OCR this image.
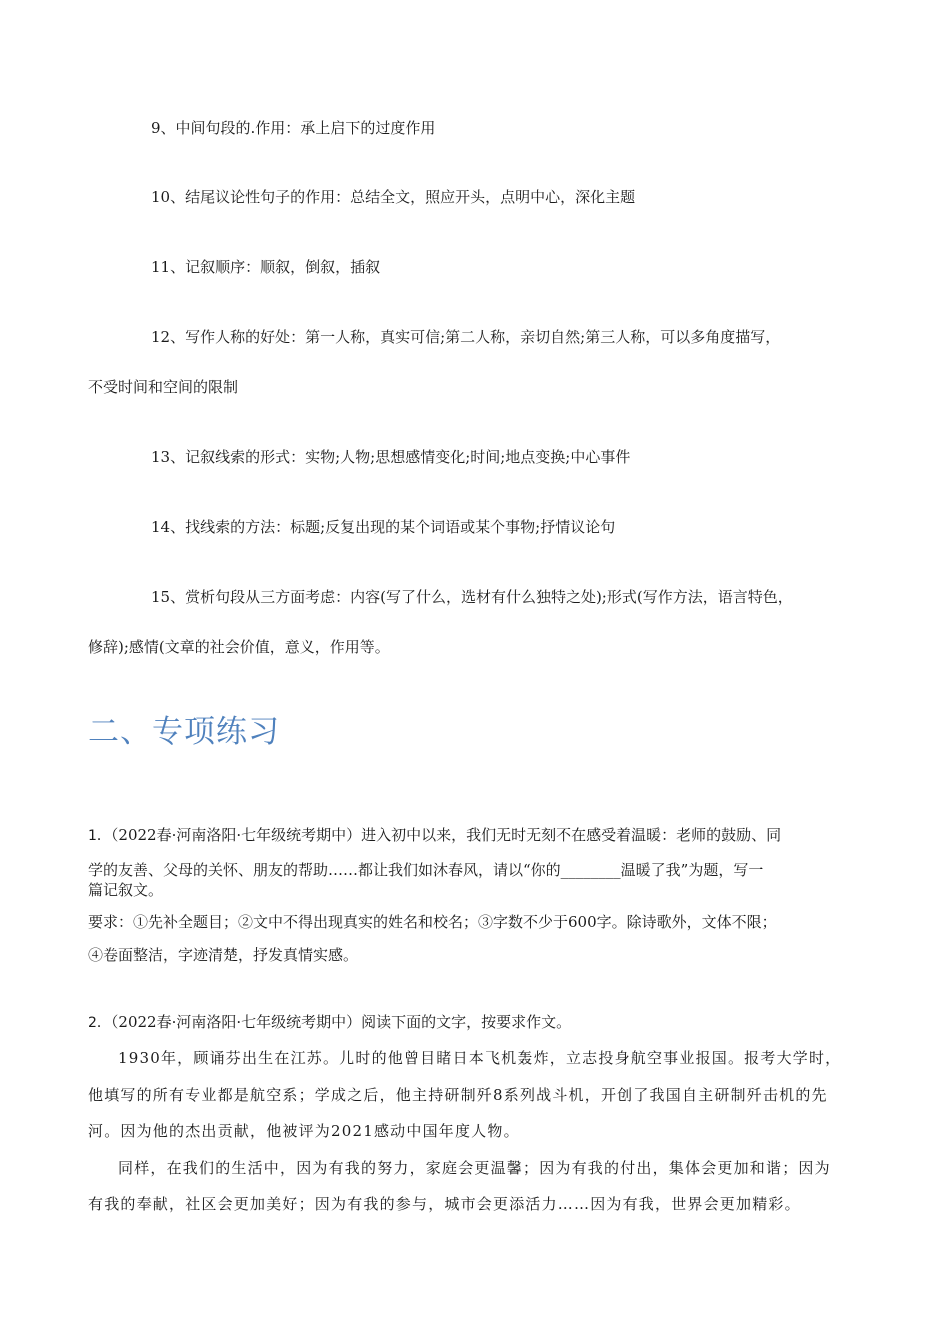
9、中间句段的.作用：承上启下的过度作用
10、结尾议论性句子的作用：总结全文，照应开头，点明中心，深化主题
11、记叙顺序：顺叙，倒叙，插叙
12、写作人称的好处：第一人称，真实可信;第二人称，亲切自然;第三人称，可以多角度描写，
不受时间和空间的限制
13、记叙线索的形式：实物;人物;思想感情变化;时间;地点变换;中心事件
14、找线索的方法：标题;反复出现的某个词语或某个事物;抒情议论句
15、赏析句段从三方面考虑：内容(写了什么，选材有什么独特之处);形式(写作方法，语言特色，
修辞);感情(文章的社会价值，意义，作用等。
二、专项练习
1．（2022春·河南洛阳·七年级统考期中）进入初中以来，我们无时无刻不在感受着温暖：老师的鼓励、同
学的友善、父母的关怀、朋友的帮助……都让我们如沐春风，请以“你的________温暖了我”为题，写一
篇记叙文。
要求：①先补全题目；②文中不得出现真实的姓名和校名；③字数不少于600字。除诗歌外，文体不限；
④卷面整洁，字迹清楚，抒发真情实感。
2．（2022春·河南洛阳·七年级统考期中）阅读下面的文字，按要求作文。
1930年，顾诵芬出生在江苏。儿时的他曾目睹日本飞机轰炸，立志投身航空事业报国。报考大学时，
他填写的所有专业都是航空系；学成之后，他主持研制歼8系列战斗机，开创了我国自主研制歼击机的先
河。因为他的杰出贡献，他被评为2021感动中国年度人物。
同样，在我们的生活中，因为有我的努力，家庭会更温馨；因为有我的付出，集体会更加和谐；因为
有我的奉献，社区会更加美好；因为有我的参与，城市会更添活力……因为有我，世界会更加精彩。
